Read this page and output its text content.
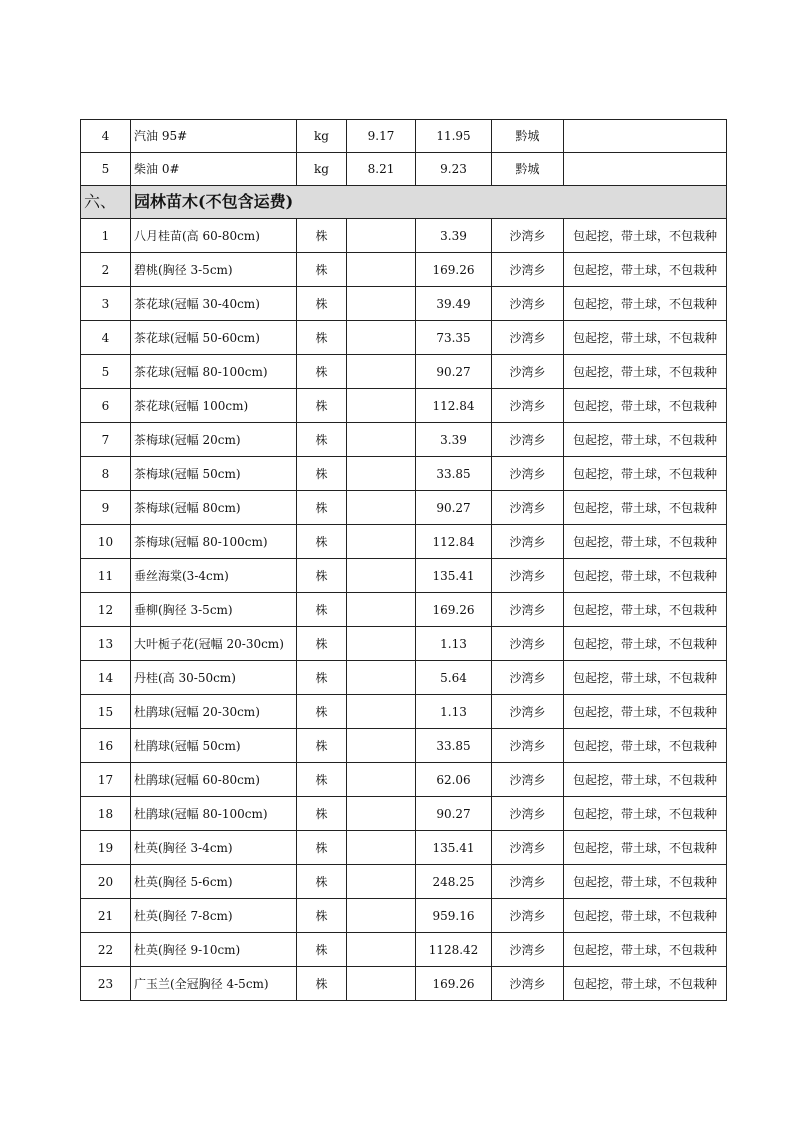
4	汽油 95#	kg	9.17	11.95	黔城	
5	柴油 0#	kg	8.21	9.23	黔城	
六、	园林苗木(不包含运费)					
1	八月桂苗(高 60-80cm)	株		3.39	沙湾乡	包起挖，带土球，不包栽种
2	碧桃(胸径 3-5cm)	株		169.26	沙湾乡	包起挖，带土球，不包栽种
3	茶花球(冠幅 30-40cm)	株		39.49	沙湾乡	包起挖，带土球，不包栽种
4	茶花球(冠幅 50-60cm)	株		73.35	沙湾乡	包起挖，带土球，不包栽种
5	茶花球(冠幅 80-100cm)	株		90.27	沙湾乡	包起挖，带土球，不包栽种
6	茶花球(冠幅 100cm)	株		112.84	沙湾乡	包起挖，带土球，不包栽种
7	茶梅球(冠幅 20cm)	株		3.39	沙湾乡	包起挖，带土球，不包栽种
8	茶梅球(冠幅 50cm)	株		33.85	沙湾乡	包起挖，带土球，不包栽种
9	茶梅球(冠幅 80cm)	株		90.27	沙湾乡	包起挖，带土球，不包栽种
10	茶梅球(冠幅 80-100cm)	株		112.84	沙湾乡	包起挖，带土球，不包栽种
11	垂丝海棠(3-4cm)	株		135.41	沙湾乡	包起挖，带土球，不包栽种
12	垂柳(胸径 3-5cm)	株		169.26	沙湾乡	包起挖，带土球，不包栽种
13	大叶栀子花(冠幅 20-30cm)	株		1.13	沙湾乡	包起挖，带土球，不包栽种
14	丹桂(高 30-50cm)	株		5.64	沙湾乡	包起挖，带土球，不包栽种
15	杜鹃球(冠幅 20-30cm)	株		1.13	沙湾乡	包起挖，带土球，不包栽种
16	杜鹃球(冠幅 50cm)	株		33.85	沙湾乡	包起挖，带土球，不包栽种
17	杜鹃球(冠幅 60-80cm)	株		62.06	沙湾乡	包起挖，带土球，不包栽种
18	杜鹃球(冠幅 80-100cm)	株		90.27	沙湾乡	包起挖，带土球，不包栽种
19	杜英(胸径 3-4cm)	株		135.41	沙湾乡	包起挖，带土球，不包栽种
20	杜英(胸径 5-6cm)	株		248.25	沙湾乡	包起挖，带土球，不包栽种
21	杜英(胸径 7-8cm)	株		959.16	沙湾乡	包起挖，带土球，不包栽种
22	杜英(胸径 9-10cm)	株		1128.42	沙湾乡	包起挖，带土球，不包栽种
23	广玉兰(全冠胸径 4-5cm)	株		169.26	沙湾乡	包起挖，带土球，不包栽种
